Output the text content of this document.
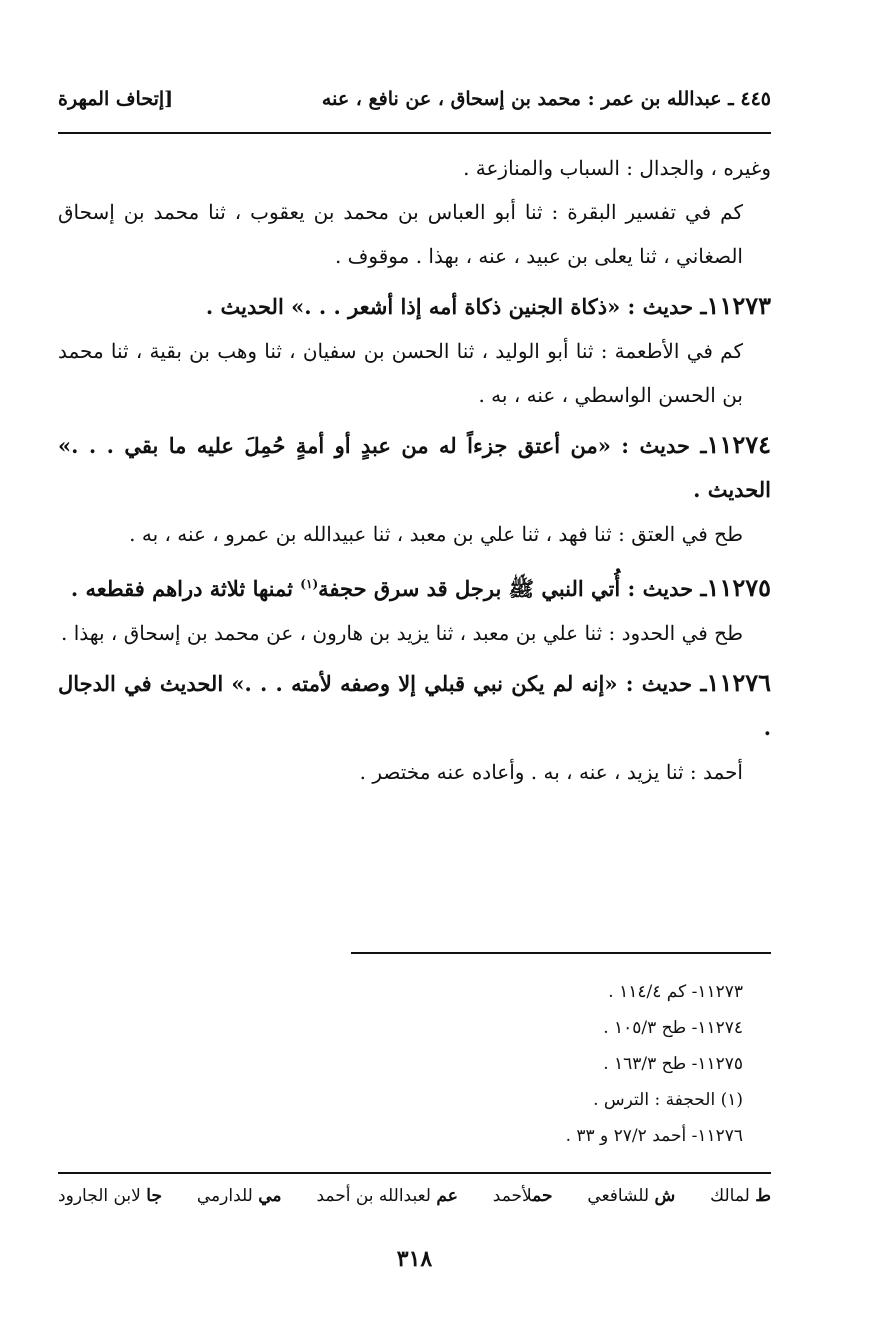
٤٤٥ ـ عبدالله بن عمر : محمد بن إسحاق ، عن نافع ، عنه
[إتحاف المهرة

وغيره ، والجدال : السباب والمنازعة .

كم في تفسير البقرة : ثنا أبو العباس بن محمد بن يعقوب ، ثنا محمد بن إسحاق الصغاني ، ثنا يعلى بن عبيد ، عنه ، بهذا . موقوف .

١١٢٧٣ـ حديث : «ذكاة الجنين ذكاة أمه إذا أشعر . . .» الحديث .

كم في الأطعمة : ثنا أبو الوليد ، ثنا الحسن بن سفيان ، ثنا وهب بن بقية ، ثنا محمد بن الحسن الواسطي ، عنه ، به .

١١٢٧٤ـ حديث : «من أعتق جزءاً له من عبدٍ أو أمةٍ حُمِلَ عليه ما بقي . . .» الحديث .

طح في العتق : ثنا فهد ، ثنا علي بن معبد ، ثنا عبيدالله بن عمرو ، عنه ، به .

١١٢٧٥ـ حديث : أُتي النبي ﷺ برجل قد سرق حجفة$^{(١)}$ ثمنها ثلاثة دراهم فقطعه .

طح في الحدود : ثنا علي بن معبد ، ثنا يزيد بن هارون ، عن محمد بن إسحاق ، بهذا .

١١٢٧٦ـ حديث : «إنه لم يكن نبي قبلي إلا وصفه لأمته . . .» الحديث في الدجال .

أحمد : ثنا يزيد ، عنه ، به . وأعاده عنه مختصر .

١١٢٧٣- كم ١١٤/٤ .
١١٢٧٤- طح ١٠٥/٣ .
١١٢٧٥- طح ١٦٣/٣ .
(١) الحجفة : الترس .
١١٢٧٦- أحمد ٢٧/٢ و ٣٣ .
ط لمالك
ش للشافعي
حملأحمد
عم لعبدالله بن أحمد
مي للدارمي
جا لابن الجارود
٣١٨
